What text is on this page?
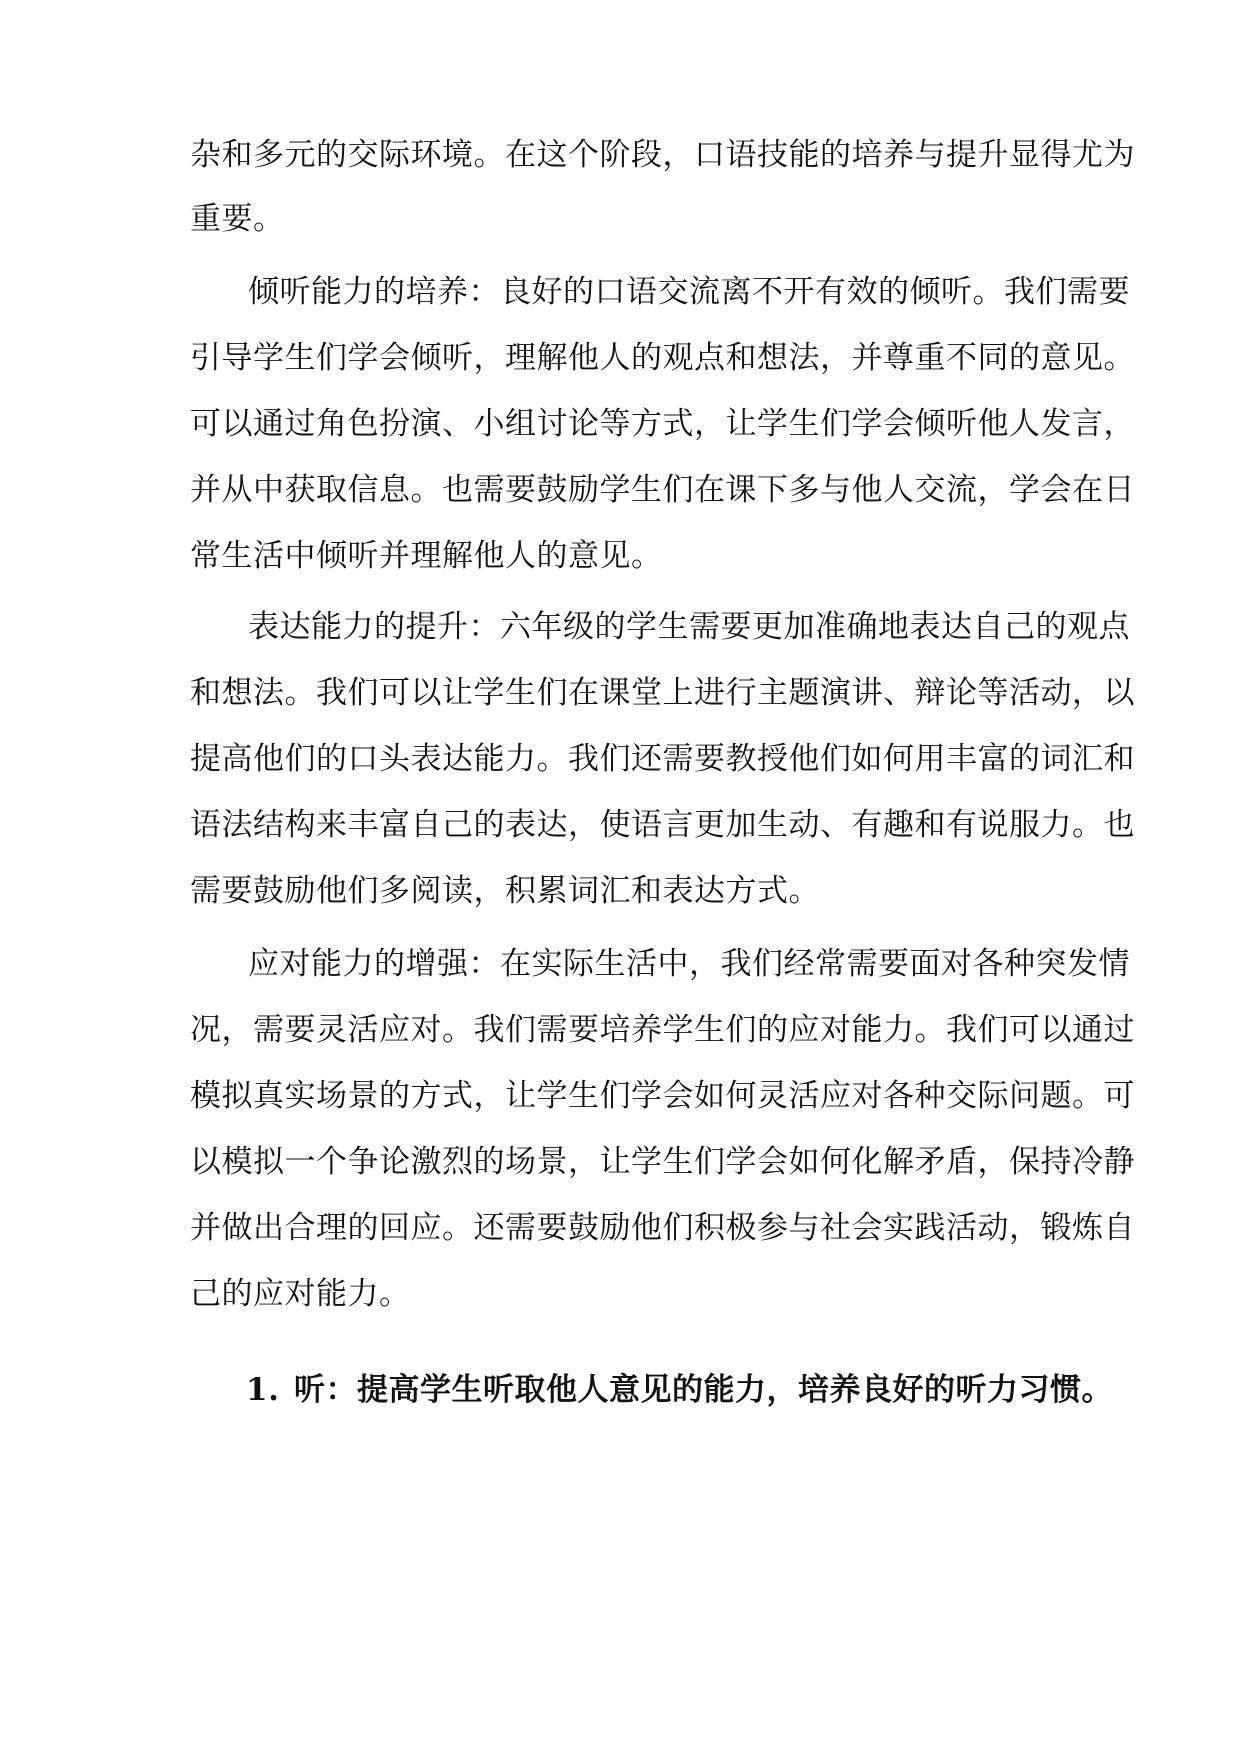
杂和多元的交际环境。在这个阶段，口语技能的培养与提升显得尤为
重要。
倾听能力的培养：良好的口语交流离不开有效的倾听。我们需要
引导学生们学会倾听，理解他人的观点和想法，并尊重不同的意见。
可以通过角色扮演、小组讨论等方式，让学生们学会倾听他人发言，
并从中获取信息。也需要鼓励学生们在课下多与他人交流，学会在日
常生活中倾听并理解他人的意见。
表达能力的提升：六年级的学生需要更加准确地表达自己的观点
和想法。我们可以让学生们在课堂上进行主题演讲、辩论等活动，以
提高他们的口头表达能力。我们还需要教授他们如何用丰富的词汇和
语法结构来丰富自己的表达，使语言更加生动、有趣和有说服力。也
需要鼓励他们多阅读，积累词汇和表达方式。
应对能力的增强：在实际生活中，我们经常需要面对各种突发情
况，需要灵活应对。我们需要培养学生们的应对能力。我们可以通过
模拟真实场景的方式，让学生们学会如何灵活应对各种交际问题。可
以模拟一个争论激烈的场景，让学生们学会如何化解矛盾，保持冷静
并做出合理的回应。还需要鼓励他们积极参与社会实践活动，锻炼自
己的应对能力。
1. 听：提高学生听取他人意见的能力，培养良好的听力习惯。
